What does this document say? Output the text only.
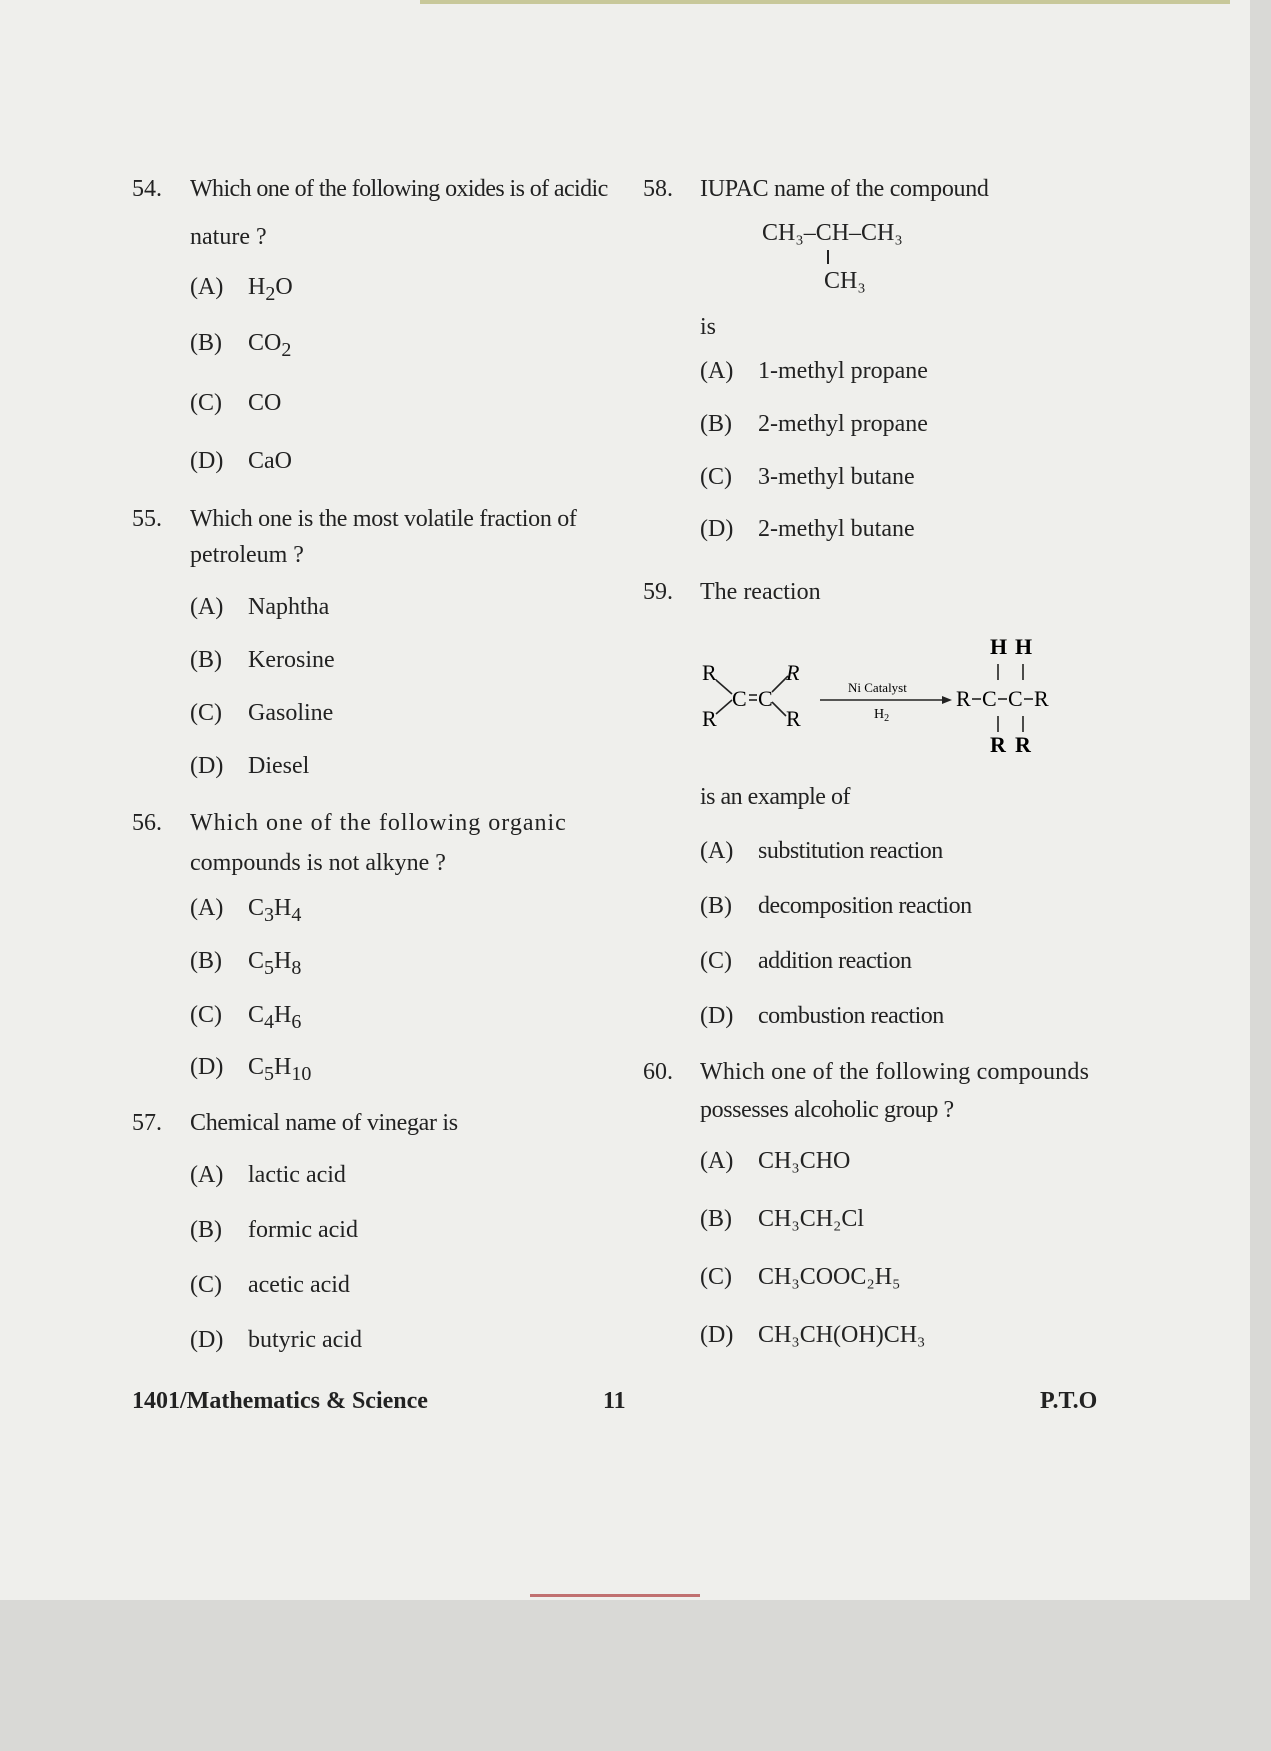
54. Which one of the following oxides is of acidic
nature ?
(A) $H_2O$
(B) $CO_2$
(C) CO
(D) CaO
55. Which one is the most volatile fraction of
petroleum ?
(A) Naphtha
(B) Kerosine
(C) Gasoline
(D) Diesel
56. Which one of the following organic
compounds is not alkyne ?
(A) $C_3H_4$
(B) $C_5H_8$
(C) $C_4H_6$
(D) $C_5H_{10}$
57. Chemical name of vinegar is
(A) lactic acid
(B) formic acid
(C) acetic acid
(D) butyric acid
58. IUPAC name of the compound
CH₃–CH–CH₃
CH₃
is
(A) 1-methyl propane
(B) 2-methyl propane
(C) 3-methyl butane
(D) 2-methyl butane
59. The reaction
R
R
C C
R
R
Ni Catalyst
$H_2$
H H
R C C R
R R
is an example of
(A) substitution reaction
(B) decomposition reaction
(C) addition reaction
(D) combustion reaction
60. Which one of the following compounds
possesses alcoholic group ?
(A) CH₃CHO
(B) CH₃CH₂Cl
(C) CH₃COOC₂H₅
(D) CH₃CH(OH)CH₃
1401/Mathematics & Science	11	P.T.O
